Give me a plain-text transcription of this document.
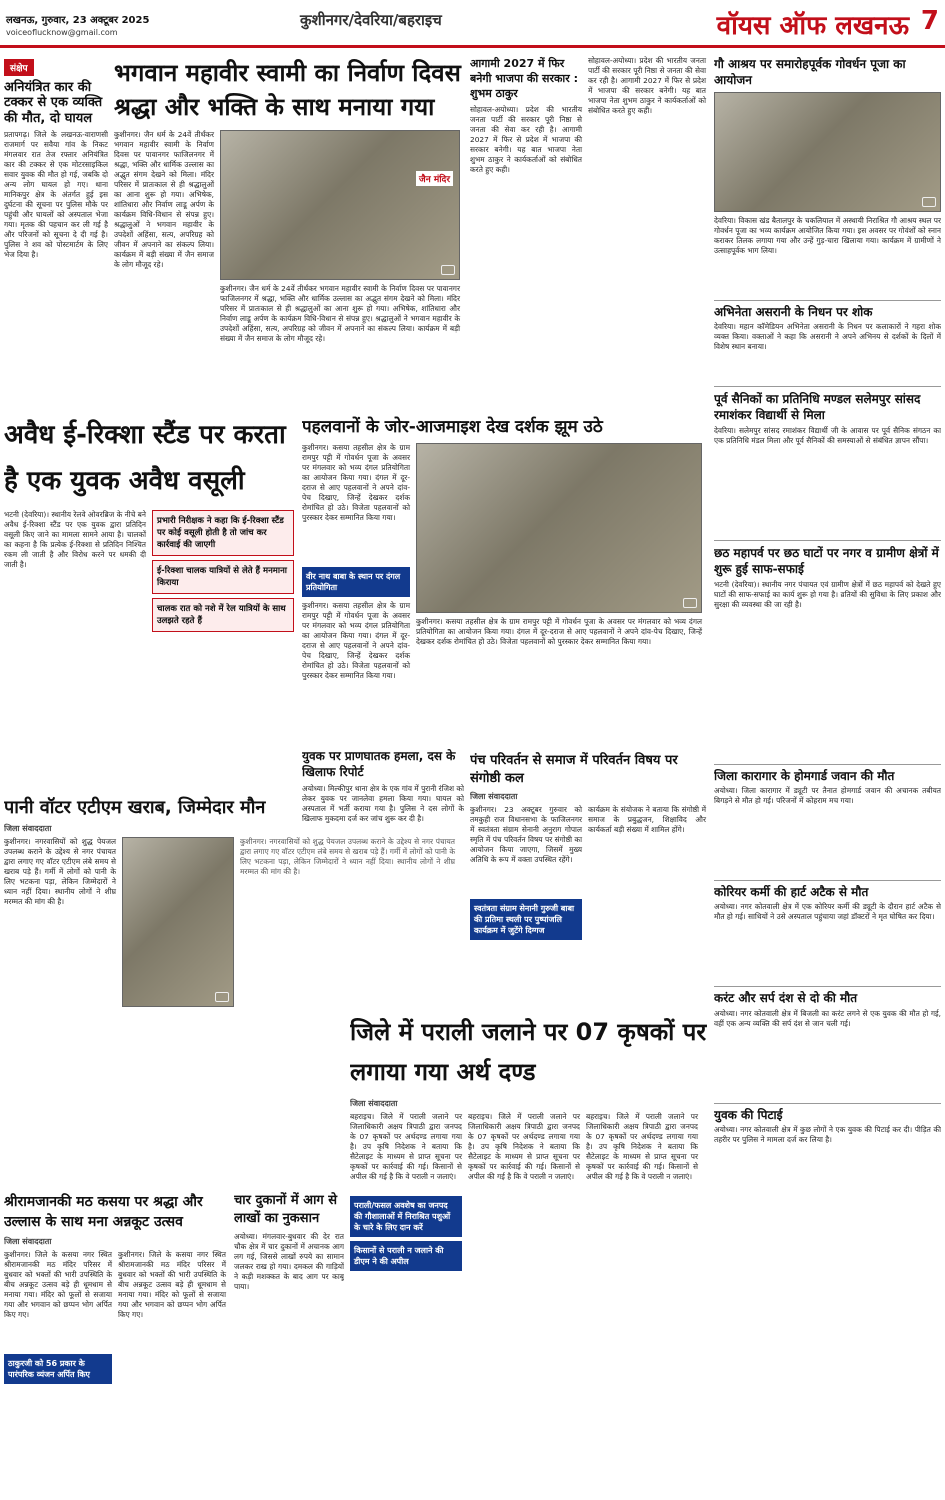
लखनऊ, गुरुवार, 23 अक्टूबर 2025
voiceoflucknow@gmail.com
कुशीनगर/देवरिया/बहराइच	वॉयस ऑफ लखनऊ 7
संक्षेप
अनियंत्रित कार की टक्कर से एक व्यक्ति की मौत, दो घायल
प्रतापगढ़। जिले के लखनऊ-वाराणसी राजमार्ग पर सवैया गांव के निकट मंगलवार रात तेज रफ्तार अनियंत्रित कार की टक्कर से एक मोटरसाइकिल सवार युवक की मौत हो गई, जबकि दो अन्य लोग घायल हो गए। थाना मानिकपुर क्षेत्र के अंतर्गत हुई इस दुर्घटना की सूचना पर पुलिस मौके पर पहुंची और घायलों को अस्पताल भेजा गया। मृतक की पहचान कर ली गई है और परिजनों को सूचना दे दी गई है। पुलिस ने शव को पोस्टमार्टम के लिए भेज दिया है।
अवैध ई-रिक्शा स्टैंड पर करता है एक युवक अवैध वसूली
भटनी (देवरिया)। स्थानीय रेलवे ओवरब्रिज के नीचे बने अवैध ई-रिक्शा स्टैंड पर एक युवक द्वारा प्रतिदिन वसूली किए जाने का मामला सामने आया है। चालकों का कहना है कि प्रत्येक ई-रिक्शा से प्रतिदिन निश्चित रकम ली जाती है और विरोध करने पर धमकी दी जाती है।
प्रभारी निरीक्षक ने कहा कि ई-रिक्शा स्टैंड पर कोई वसूली होती है तो जांच कर कार्रवाई की जाएगी
ई-रिक्शा चालक यात्रियों से लेते हैं मनमाना किराया
चालक रात को नशे में रेल यात्रियों के साथ उलझते रहते हैं
पानी वॉटर एटीएम खराब, जिम्मेदार मौन
जिला संवाददाता
कुशीनगर। नगरवासियों को शुद्ध पेयजल उपलब्ध कराने के उद्देश्य से नगर पंचायत द्वारा लगाए गए वॉटर एटीएम लंबे समय से खराब पड़े हैं। गर्मी में लोगों को पानी के लिए भटकना पड़ा, लेकिन जिम्मेदारों ने ध्यान नहीं दिया। स्थानीय लोगों ने शीघ्र मरम्मत की मांग की है।
कुशीनगर। नगरवासियों को शुद्ध पेयजल उपलब्ध कराने के उद्देश्य से नगर पंचायत द्वारा लगाए गए वॉटर एटीएम लंबे समय से खराब पड़े हैं। गर्मी में लोगों को पानी के लिए भटकना पड़ा, लेकिन जिम्मेदारों ने ध्यान नहीं दिया। स्थानीय लोगों ने शीघ्र मरम्मत की मांग की है।
श्रीरामजानकी मठ कसया पर श्रद्धा और उल्लास के साथ मना अन्नकूट उत्सव
जिला संवाददाता
कुशीनगर। जिले के कसया नगर स्थित श्रीरामजानकी मठ मंदिर परिसर में बुधवार को भक्तों की भारी उपस्थिति के बीच अन्नकूट उत्सव बड़े ही धूमधाम से मनाया गया। मंदिर को फूलों से सजाया गया और भगवान को छप्पन भोग अर्पित किए गए।
ठाकुरजी को 56 प्रकार के पारंपरिक व्यंजन अर्पित किए
कुशीनगर। जिले के कसया नगर स्थित श्रीरामजानकी मठ मंदिर परिसर में बुधवार को भक्तों की भारी उपस्थिति के बीच अन्नकूट उत्सव बड़े ही धूमधाम से मनाया गया। मंदिर को फूलों से सजाया गया और भगवान को छप्पन भोग अर्पित किए गए।
भगवान महावीर स्वामी का निर्वाण दिवस श्रद्धा और भक्ति के साथ मनाया गया
कुशीनगर। जैन धर्म के 24वें तीर्थंकर भगवान महावीर स्वामी के निर्वाण दिवस पर पावानगर फाजिलनगर में श्रद्धा, भक्ति और धार्मिक उल्लास का अद्भुत संगम देखने को मिला। मंदिर परिसर में प्रातःकाल से ही श्रद्धालुओं का आना शुरू हो गया। अभिषेक, शांतिधारा और निर्वाण लाडू अर्पण के कार्यक्रम विधि-विधान से संपन्न हुए। श्रद्धालुओं ने भगवान महावीर के उपदेशों अहिंसा, सत्य, अपरिग्रह को जीवन में अपनाने का संकल्प लिया। कार्यक्रम में बड़ी संख्या में जैन समाज के लोग मौजूद रहे।
जैन मंदिर
कुशीनगर। जैन धर्म के 24वें तीर्थंकर भगवान महावीर स्वामी के निर्वाण दिवस पर पावानगर फाजिलनगर में श्रद्धा, भक्ति और धार्मिक उल्लास का अद्भुत संगम देखने को मिला। मंदिर परिसर में प्रातःकाल से ही श्रद्धालुओं का आना शुरू हो गया। अभिषेक, शांतिधारा और निर्वाण लाडू अर्पण के कार्यक्रम विधि-विधान से संपन्न हुए। श्रद्धालुओं ने भगवान महावीर के उपदेशों अहिंसा, सत्य, अपरिग्रह को जीवन में अपनाने का संकल्प लिया। कार्यक्रम में बड़ी संख्या में जैन समाज के लोग मौजूद रहे।
पहलवानों के जोर-आजमाइश देख दर्शक झूम उठे
कुशीनगर। कसया तहसील क्षेत्र के ग्राम रामपुर पट्टी में गोवर्धन पूजा के अवसर पर मंगलवार को भव्य दंगल प्रतियोगिता का आयोजन किया गया। दंगल में दूर-दराज से आए पहलवानों ने अपने दांव-पेच दिखाए, जिन्हें देखकर दर्शक रोमांचित हो उठे। विजेता पहलवानों को पुरस्कार देकर सम्मानित किया गया।
वीर नाथ बाबा के स्थान पर दंगल प्रतियोगिता
कुशीनगर। कसया तहसील क्षेत्र के ग्राम रामपुर पट्टी में गोवर्धन पूजा के अवसर पर मंगलवार को भव्य दंगल प्रतियोगिता का आयोजन किया गया। दंगल में दूर-दराज से आए पहलवानों ने अपने दांव-पेच दिखाए, जिन्हें देखकर दर्शक रोमांचित हो उठे। विजेता पहलवानों को पुरस्कार देकर सम्मानित किया गया।
कुशीनगर। कसया तहसील क्षेत्र के ग्राम रामपुर पट्टी में गोवर्धन पूजा के अवसर पर मंगलवार को भव्य दंगल प्रतियोगिता का आयोजन किया गया। दंगल में दूर-दराज से आए पहलवानों ने अपने दांव-पेच दिखाए, जिन्हें देखकर दर्शक रोमांचित हो उठे। विजेता पहलवानों को पुरस्कार देकर सम्मानित किया गया।
युवक पर प्राणघातक हमला, दस के खिलाफ रिपोर्ट
अयोध्या। मिल्कीपुर थाना क्षेत्र के एक गांव में पुरानी रंजिश को लेकर युवक पर जानलेवा हमला किया गया। घायल को अस्पताल में भर्ती कराया गया है। पुलिस ने दस लोगों के खिलाफ मुकदमा दर्ज कर जांच शुरू कर दी है।
चार दुकानों में आग से लाखों का नुकसान
अयोध्या। मंगलवार-बुधवार की देर रात चौक क्षेत्र में चार दुकानों में अचानक आग लग गई, जिससे लाखों रुपये का सामान जलकर राख हो गया। दमकल की गाड़ियों ने कड़ी मशक्कत के बाद आग पर काबू पाया।
आगामी 2027 में फिर बनेगी भाजपा की सरकार : शुभम ठाकुर
सोहावल-अयोध्या। प्रदेश की भारतीय जनता पार्टी की सरकार पूरी निष्ठा से जनता की सेवा कर रही है। आगामी 2027 में फिर से प्रदेश में भाजपा की सरकार बनेगी। यह बात भाजपा नेता शुभम ठाकुर ने कार्यकर्ताओं को संबोधित करते हुए कही।
सोहावल-अयोध्या। प्रदेश की भारतीय जनता पार्टी की सरकार पूरी निष्ठा से जनता की सेवा कर रही है। आगामी 2027 में फिर से प्रदेश में भाजपा की सरकार बनेगी। यह बात भाजपा नेता शुभम ठाकुर ने कार्यकर्ताओं को संबोधित करते हुए कही।
पंच परिवर्तन से समाज में परिवर्तन विषय पर संगोष्ठी कल
जिला संवाददाता
कुशीनगर। 23 अक्टूबर गुरुवार को तमकुही राज विधानसभा के फाजिलनगर में स्वतंत्रता संग्राम सेनानी अनुराग गोपाल स्मृति में पंच परिवर्तन विषय पर संगोष्ठी का आयोजन किया जाएगा, जिसमें मुख्य अतिथि के रूप में वक्ता उपस्थित रहेंगे।
स्वतंत्रता संग्राम सेनानी गुरुजी बाबा की प्रतिमा स्थली पर पुष्पांजलि कार्यक्रम में जुटेंगे दिग्गज
कार्यक्रम के संयोजक ने बताया कि संगोष्ठी में समाज के प्रबुद्धजन, शिक्षाविद और कार्यकर्ता बड़ी संख्या में शामिल होंगे।
जिले में पराली जलाने पर 07 कृषकों पर लगाया गया अर्थ दण्ड
जिला संवाददाता
बहराइच। जिले में पराली जलाने पर जिलाधिकारी अक्षय त्रिपाठी द्वारा जनपद के 07 कृषकों पर अर्थदण्ड लगाया गया है। उप कृषि निदेशक ने बताया कि सैटेलाइट के माध्यम से प्राप्त सूचना पर कृषकों पर कार्रवाई की गई। किसानों से अपील की गई है कि वे पराली न जलाएं।
पराली/फसल अवशेष का जनपद की गौशालाओं में निराश्रित पशुओं के चारे के लिए दान करें
किसानों से पराली न जलाने की डीएम ने की अपील
बहराइच। जिले में पराली जलाने पर जिलाधिकारी अक्षय त्रिपाठी द्वारा जनपद के 07 कृषकों पर अर्थदण्ड लगाया गया है। उप कृषि निदेशक ने बताया कि सैटेलाइट के माध्यम से प्राप्त सूचना पर कृषकों पर कार्रवाई की गई। किसानों से अपील की गई है कि वे पराली न जलाएं।
बहराइच। जिले में पराली जलाने पर जिलाधिकारी अक्षय त्रिपाठी द्वारा जनपद के 07 कृषकों पर अर्थदण्ड लगाया गया है। उप कृषि निदेशक ने बताया कि सैटेलाइट के माध्यम से प्राप्त सूचना पर कृषकों पर कार्रवाई की गई। किसानों से अपील की गई है कि वे पराली न जलाएं।
गौ आश्रय पर समारोहपूर्वक गोवर्धन पूजा का आयोजन
देवरिया। विकास खंड बैतालपुर के चकलियाल में अस्थायी निराश्रित गौ आश्रय स्थल पर गोवर्धन पूजा का भव्य कार्यक्रम आयोजित किया गया। इस अवसर पर गोवंशों को स्नान कराकर तिलक लगाया गया और उन्हें गुड़-चारा खिलाया गया। कार्यक्रम में ग्रामीणों ने उत्साहपूर्वक भाग लिया।
अभिनेता असरानी के निधन पर शोक
देवरिया। महान कॉमेडियन अभिनेता असरानी के निधन पर कलाकारों ने गहरा शोक व्यक्त किया। वक्ताओं ने कहा कि असरानी ने अपने अभिनय से दर्शकों के दिलों में विशेष स्थान बनाया।
पूर्व सैनिकों का प्रतिनिधि मण्डल सलेमपुर सांसद रमाशंकर विद्यार्थी से मिला
देवरिया। सलेमपुर सांसद रमाशंकर विद्यार्थी जी के आवास पर पूर्व सैनिक संगठन का एक प्रतिनिधि मंडल मिला और पूर्व सैनिकों की समस्याओं से संबंधित ज्ञापन सौंपा।
छठ महापर्व पर छठ घाटों पर नगर व ग्रामीण क्षेत्रों में शुरू हुई साफ-सफाई
भटनी (देवरिया)। स्थानीय नगर पंचायत एवं ग्रामीण क्षेत्रों में छठ महापर्व को देखते हुए घाटों की साफ-सफाई का कार्य शुरू हो गया है। व्रतियों की सुविधा के लिए प्रकाश और सुरक्षा की व्यवस्था की जा रही है।
जिला कारागार के होमगार्ड जवान की मौत
अयोध्या। जिला कारागार में ड्यूटी पर तैनात होमगार्ड जवान की अचानक तबीयत बिगड़ने से मौत हो गई। परिजनों में कोहराम मच गया।
कोरियर कर्मी की हार्ट अटैक से मौत
अयोध्या। नगर कोतवाली क्षेत्र में एक कोरियर कर्मी की ड्यूटी के दौरान हार्ट अटैक से मौत हो गई। साथियों ने उसे अस्पताल पहुंचाया जहां डॉक्टरों ने मृत घोषित कर दिया।
करंट और सर्प दंश से दो की मौत
अयोध्या। नगर कोतवाली क्षेत्र में बिजली का करंट लगने से एक युवक की मौत हो गई, वहीं एक अन्य व्यक्ति की सर्प दंश से जान चली गई।
युवक की पिटाई
अयोध्या। नगर कोतवाली क्षेत्र में कुछ लोगों ने एक युवक की पिटाई कर दी। पीड़ित की तहरीर पर पुलिस ने मामला दर्ज कर लिया है।
